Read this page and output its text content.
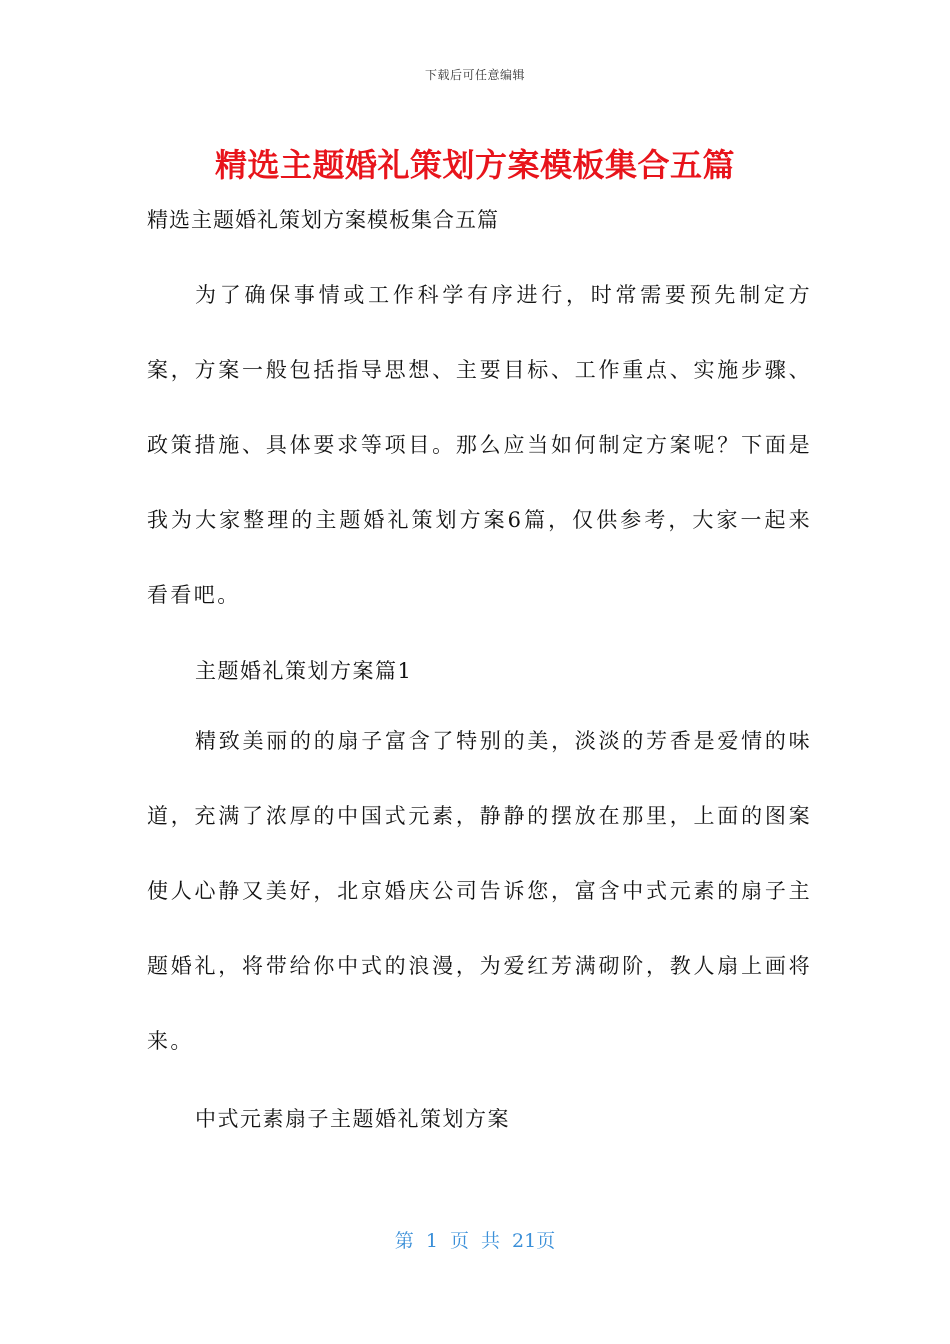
下载后可任意编辑
精选主题婚礼策划方案模板集合五篇
精选主题婚礼策划方案模板集合五篇

为了确保事情或工作科学有序进行，时常需要预先制定方案，方案一般包括指导思想、主要目标、工作重点、实施步骤、政策措施、具体要求等项目。那么应当如何制定方案呢？下面是我为大家整理的主题婚礼策划方案6篇，仅供参考，大家一起来看看吧。

主题婚礼策划方案篇1

精致美丽的的扇子富含了特别的美，淡淡的芳香是爱情的味道，充满了浓厚的中国式元素，静静的摆放在那里，上面的图案使人心静又美好，北京婚庆公司告诉您，富含中式元素的扇子主题婚礼，将带给你中式的浪漫，为爱红芳满砌阶，教人扇上画将来。

中式元素扇子主题婚礼策划方案
第 1 页 共 21页
